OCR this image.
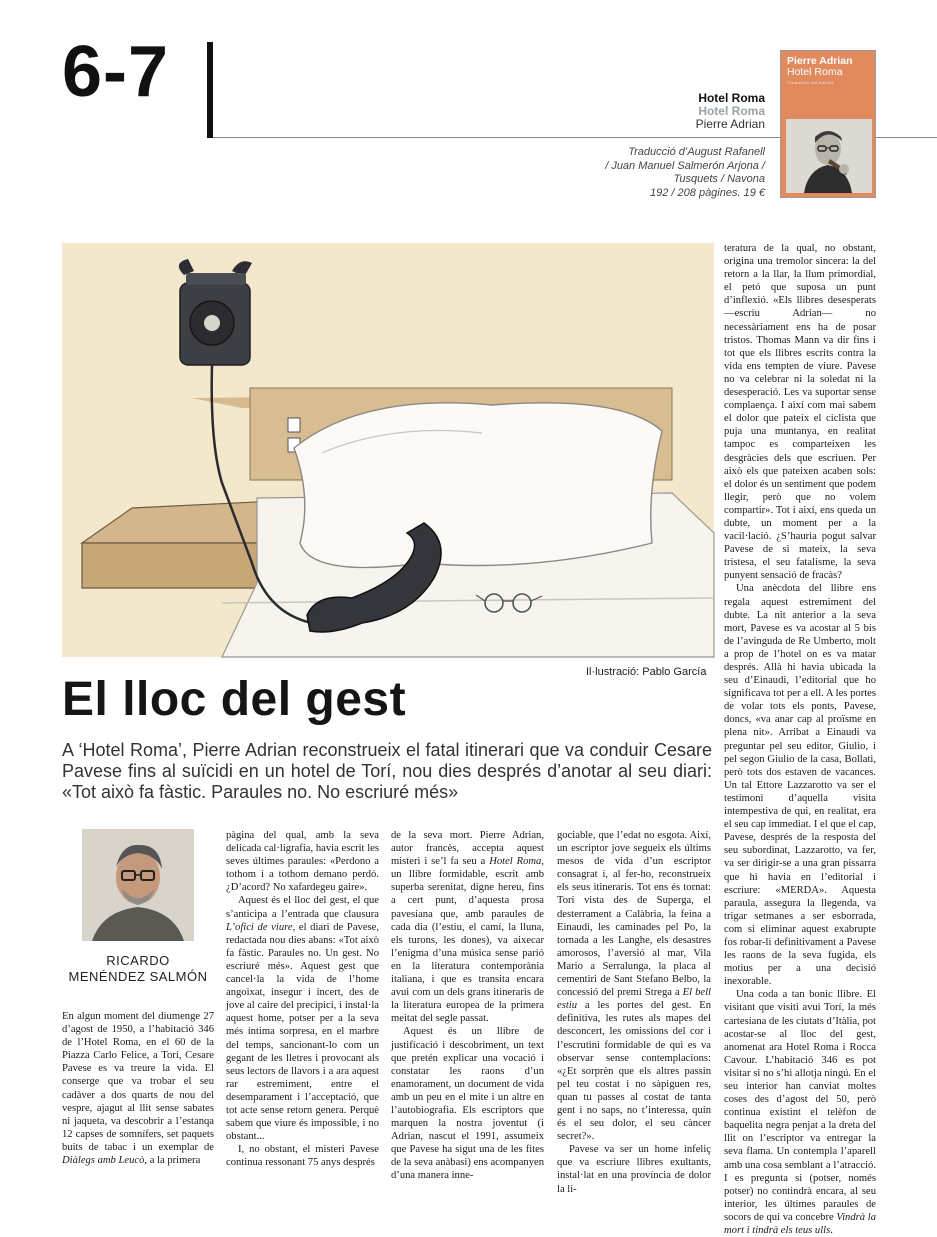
6-7	Hotel Roma
Hotel Roma
Pierre Adrian
Traducció d’August Rafanell
/ Juan Manuel Salmerón Arjona /
Tusquets / Navona
192 / 208 pàgines. 19 €
Pierre Adrian
Hotel Roma
Traducción del francés
Il·lustració: Pablo García
El lloc del gest

A ‘Hotel Roma’, Pierre Adrian reconstrueix el fatal itinerari que va conduir Cesare Pavese fins al suïcidi en un hotel de Torí, nou dies després d’anotar al seu diari: «Tot això fa fàstic. Paraules no. No escriuré més»

RICARDO
MENÉNDEZ SALMÓN

En algun moment del diumenge 27 d’agost de 1950, a l’habitació 346 de l’Hotel Roma, en el 60 de la Piazza Carlo Felice, a Torí, Cesare Pavese es va treure la vida. El conserge que va trobar el seu cadàver a dos quarts de nou del vespre, ajagut al llit sense sabates ni jaqueta, va descobrir a l’estanqa 12 capses de somnífers, set paquets buits de tabac i un exemplar de Diàlegs amb Leucò, a la primera

pàgina del qual, amb la seva delicada cal·ligrafia, havia escrit les seves últimes paraules: «Perdono a tothom i a tothom demano perdó. ¿D’acord? No xafardegeu gaire».

Aquest és el lloc del gest, el que s’anticipa a l’entrada que clausura L’ofici de viure, el diari de Pavese, redactada nou dies abans: «Tot això fa fàstic. Paraules no. Un gest. No escriuré més». Aquest gest que cancel·la la vida de l’home angoixat, insegur i incert, des de jove al caire del precipici, i instal·la aquest home, potser per a la seva més íntima sorpresa, en el marbre del temps, sancionant-lo com un gegant de les lletres i provocant als seus lectors de llavors i a ara aquest rar estremiment, entre el desemparament i l’acceptació, que tot acte sense retorn genera. Perquè sabem que viure és impossible, i no obstant...

I, no obstant, el misteri Pavese continua ressonant 75 anys després

de la seva mort. Pierre Adrian, autor francès, accepta aquest misteri i se’l fa seu a Hotel Roma, un llibre formidable, escrit amb superba serenitat, digne hereu, fins a cert punt, d’aquesta prosa pavesiana que, amb paraules de cada dia (l’estiu, el camí, la lluna, els turons, les dones), va aixecar l’enigma d’una música sense parió en la literatura contemporània italiana, i que es transita encara avui com un dels grans itineraris de la literatura europea de la primera meitat del segle passat.

Aquest és un llibre de justificació i descobriment, un text que pretén explicar una vocació i constatar les raons d’un enamorament, un document de vida amb un peu en el mite i un altre en l’autobiografia. Els escriptors que marquen la nostra joventut (i Adrian, nascut el 1991, assumeix que Pavese ha sigut una de les fites de la seva anàbasi) ens acompanyen d’una manera inne-

gociable, que l’edat no esgota. Així, un escriptor jove segueix els últims mesos de vida d’un escriptor consagrat i, al fer-ho, reconstrueix els seus itineraris. Tot ens és tornat: Torí vista des de Superga, el desterrament a Calàbria, la feina a Einaudi, les caminades pel Po, la tornada a les Langhe, els desastres amorosos, l’aversió al mar, Vila Mario a Serralunga, la placa al cementiri de Sant Stefano Belbo, la concessió del premi Strega a El bell estiu a les portes del gest. En definitiva, les rutes als mapes del desconcert, les omissions del cor i l’escrutini formidable de qui es va observar sense contemplacions: «¿Et sorprèn que els altres passin pel teu costat i no sàpiguen res, quan tu passes al costat de tanta gent i no saps, no t’interessa, quin és el seu dolor, el seu càncer secret?».

Pavese va ser un home infeliç que va escriure llibres exultants, instal·lat en una província de dolor la li-

teratura de la qual, no obstant, origina una tremolor sincera: la del retorn a la llar, la llum primordial, el petó que suposa un punt d’inflexió. «Els llibres desesperats —escriu Adrian— no necessàriament ens ha de posar tristos. Thomas Mann va dir fins i tot que els llibres escrits contra la vida ens tempten de viure. Pavese no va celebrar ni la soledat ni la desesperació. Les va suportar sense complaença. I així com mai sabem el dolor que pateix el ciclista que puja una muntanya, en realitat tampoc es comparteixen les desgràcies dels que escriuen. Per això els que pateixen acaben sols: el dolor és un sentiment que podem llegir, però que no volem compartir». Tot i així, ens queda un dubte, un moment per a la vacil·lació. ¿S’hauria pogut salvar Pavese de si mateix, la seva tristesa, el seu fatalisme, la seva punyent sensació de fracàs?

Una anècdota del llibre ens regala aquest estremiment del dubte. La nit anterior a la seva mort, Pavese es va acostar al 5 bis de l’avinguda de Re Umberto, molt a prop de l’hotel on es va matar després. Allà hi havia ubicada la seu d’Einaudi, l’editorial que ho significava tot per a ell. A les portes de volar tots els ponts, Pavese, doncs, «va anar cap al proïsme en plena nit». Arribat a Einaudi va preguntar pel seu editor, Giulio, i pel segon Giulio de la casa, Bollati, però tots dos estaven de vacances. Un tal Ettore Lazzarotto va ser el testimoni d’aquella visita intempestiva de qui, en realitat, era el seu cap immediat. I el que el cap, Pavese, després de la resposta del seu subordinat, Lazzarotto, va fer, va ser dirigir-se a una gran pissarra que hi havia en l’editorial i escriure: «MERDA». Aquesta paraula, assegura la llegenda, va trigar setmanes a ser esborrada, com si eliminar aquest exabrupte fos robar-li definitivament a Pavese les raons de la seva fugida, els motius per a una decisió inexorable.

Una coda a tan bonic llibre. El visitant que visiti avui Torí, la més cartesiana de les ciutats d’Itàlia, pot acostar-se al lloc del gest, anomenat ara Hotel Roma i Rocca Cavour. L’habitació 346 es pot visitar si no s’hi allotja ningú. En el seu interior han canviat moltes coses des d’agost del 50, però continua existint el telèfon de baquelita negra penjat a la dreta del llit on l’escriptor va entregar la seva flama. Un contempla l’aparell amb una cosa semblant a l’atracció. I es pregunta si (potser, només potser) no contindrà encara, al seu interior, les últimes paraules de socors de qui va concebre Vindrà la mort i tindrà els teus ulls.
